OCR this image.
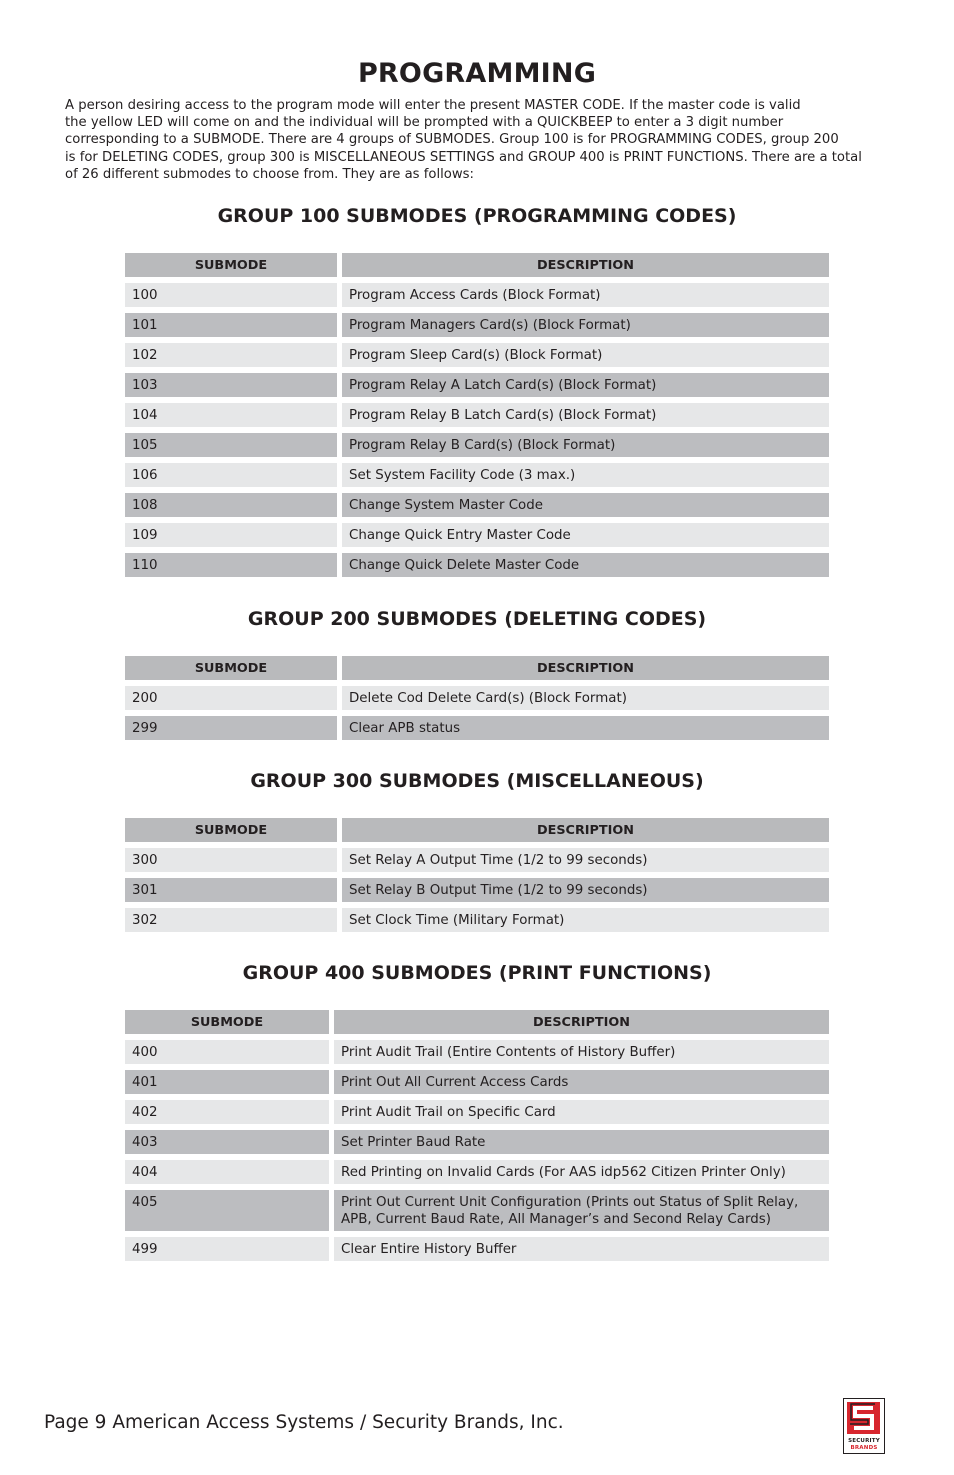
PROGRAMMING
A person desiring access to the program mode will enter the present MASTER CODE. If the master code is valid
the yellow LED will come on and the individual will be prompted with a QUICKBEEP to enter a 3 digit number
corresponding to a SUBMODE. There are 4 groups of SUBMODES. Group 100 is for PROGRAMMING CODES, group 200
is for DELETING CODES, group 300 is MISCELLANEOUS SETTINGS and GROUP 400 is PRINT FUNCTIONS. There are a total
of 26 different submodes to choose from. They are as follows:
GROUP 100 SUBMODES (PROGRAMMING CODES)
SUBMODE	DESCRIPTION
100	Program Access Cards (Block Format)
101	Program Managers Card(s) (Block Format)
102	Program Sleep Card(s) (Block Format)
103	Program Relay A Latch Card(s) (Block Format)
104	Program Relay B Latch Card(s) (Block Format)
105	Program Relay B Card(s) (Block Format)
106	Set System Facility Code (3 max.)
108	Change System Master Code
109	Change Quick Entry Master Code
110	Change Quick Delete Master Code
GROUP 200 SUBMODES (DELETING CODES)
SUBMODE	DESCRIPTION
200	Delete Cod Delete Card(s) (Block Format)
299	Clear APB status
GROUP 300 SUBMODES (MISCELLANEOUS)
SUBMODE	DESCRIPTION
300	Set Relay A Output Time (1/2 to 99 seconds)
301	Set Relay B Output Time (1/2 to 99 seconds)
302	Set Clock Time (Military Format)
GROUP 400 SUBMODES (PRINT FUNCTIONS)
SUBMODE	DESCRIPTION
400	Print Audit Trail (Entire Contents of History Buffer)
401	Print Out All Current Access Cards
402	Print Audit Trail on Specific Card
403	Set Printer Baud Rate
404	Red Printing on Invalid Cards (For AAS idp562 Citizen Printer Only)
405	Print Out Current Unit Configuration (Prints out Status of Split Relay,
APB, Current Baud Rate, All Manager’s and Second Relay Cards)
499	Clear Entire History Buffer
Page 9 American Access Systems / Security Brands, Inc.
SECURITY
BRANDS
